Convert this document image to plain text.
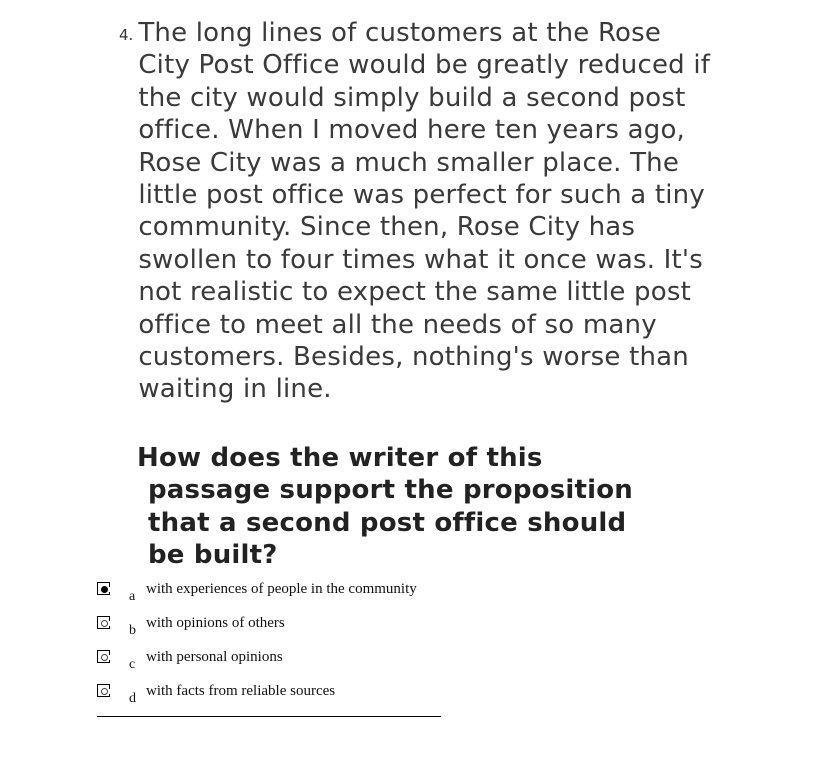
4. The long lines of customers at the Rose City Post Office would be greatly reduced if the city would simply build a second post office. When I moved here ten years ago, Rose City was a much smaller place. The little post office was perfect for such a tiny community. Since then, Rose City has swollen to four times what it once was. It's not realistic to expect the same little post office to meet all the needs of so many customers. Besides, nothing's worse than waiting in line.
How does the writer of this passage support the proposition that a second post office should be built?
a with experiences of people in the community
b with opinions of others
c with personal opinions
d with facts from reliable sources
